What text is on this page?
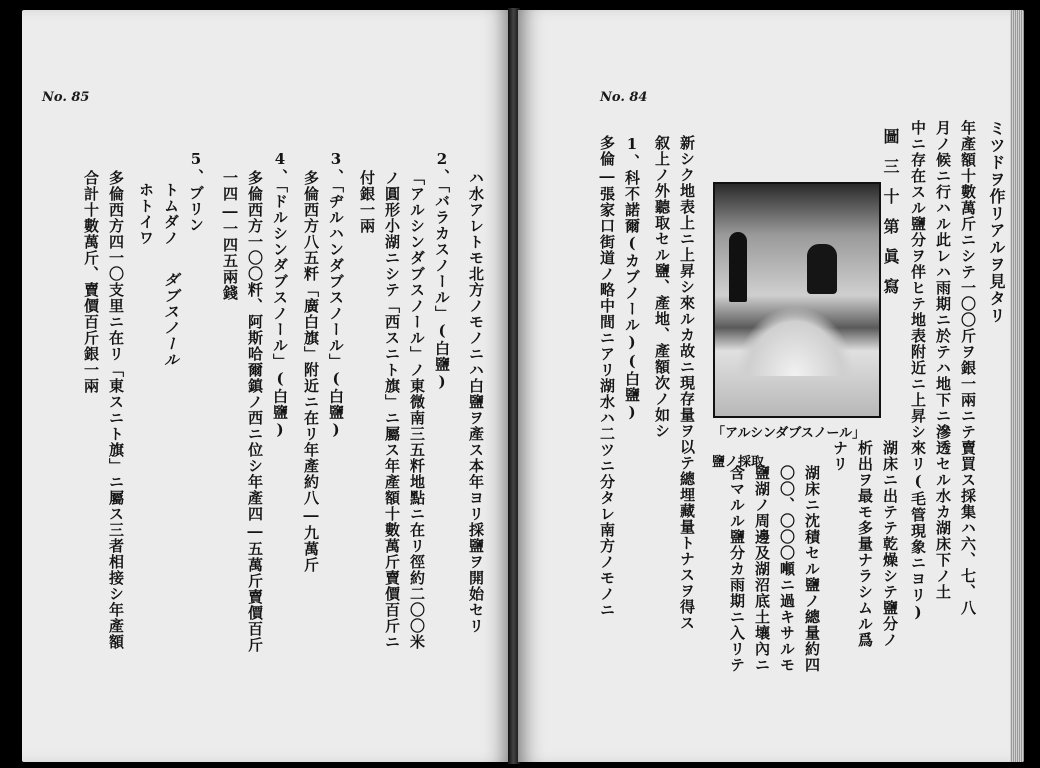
No. 85
ハ水アレトモ北方ノモノニハ白鹽ヲ產ス本年ヨリ採鹽ヲ開始セリ
2、「バラカスノール」(白鹽)
「アルシンダブスノール」ノ東微南三五粁地點ニ在リ徑約二〇〇米
ノ圓形小湖ニシテ「西スニト旗」ニ屬ス年產額十數萬斤賣價百斤ニ
付銀一兩
3、「ヂルハンダブスノール」(白鹽)
多倫西方八五粁「廣白旗」附近ニ在リ年產約八―九萬斤
4、「ドルシンダブスノール」(白鹽)
多倫西方一〇〇粁、阿斯哈爾鎮ノ西ニ位シ年產四―五萬斤賣價百斤
一四―一四五兩錢
5、ブリン
トムダノ
ホトイワ
ダブスノール
多倫西方四一〇支里ニ在リ「東スニト旗」ニ屬ス三者相接シ年產額
合計十數萬斤、賣價百斤銀一兩
No. 84
ミツドヲ作リアルヲ見タリ
年產額十數萬斤ニシテ一〇〇斤ヲ銀一兩ニテ賣買ス採集ハ六、七、八
月ノ候ニ行ハル此レハ雨期ニ於テハ地下ニ滲透セル水カ湖床下ノ土
中ニ存在スル鹽分ヲ伴ヒテ地表附近ニ上昇シ來リ(毛管現象ニヨリ)
圖三十第眞寫
「アルシンダブスノール」
鹽ノ採取	湖床ニ出テテ乾燥シテ鹽分ノ
析出ヲ最モ多量ナラシムル爲
ナリ
湖床ニ沈積セル鹽ノ總量約四
〇〇、〇〇〇噸ニ過キサルモ
鹽湖ノ周邊及湖沼底土壤內ニ
含マルル鹽分カ雨期ニ入リテ
新シク地表上ニ上昇シ來ルカ故ニ現存量ヲ以テ總埋藏量トナスヲ得ス
叙上ノ外聽取セル鹽、產地、產額次ノ如シ
1、科不諾爾(カブノール)(白鹽)
多倫―張家口街道ノ略中間ニアリ湖水ハ二ツニ分タレ南方ノモノニ
